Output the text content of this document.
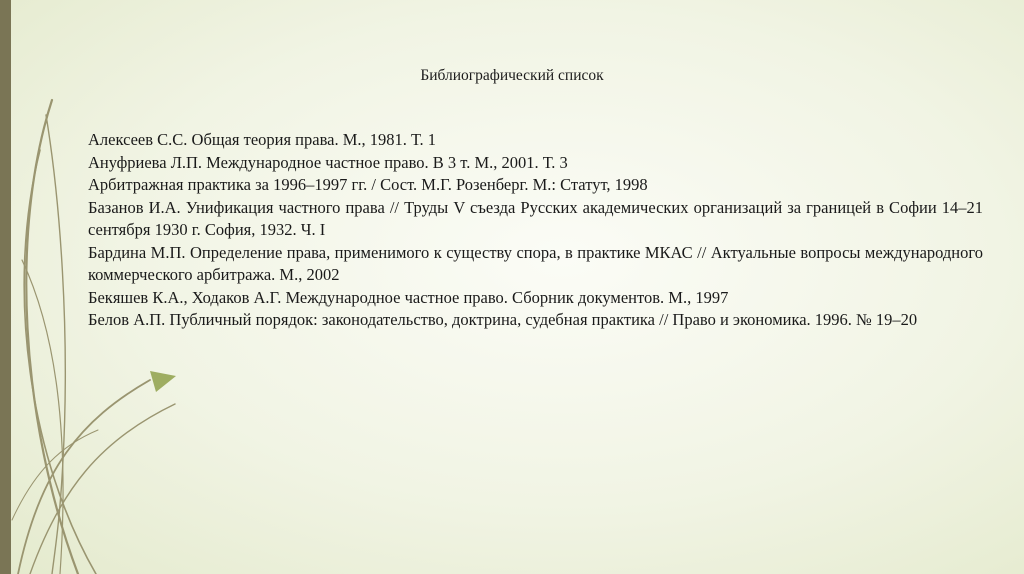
Библиографический список
Алексеев С.С. Общая теория права. М., 1981. Т. 1
Ануфриева Л.П. Международное частное право. В 3 т. М., 2001. Т. 3
Арбитражная практика за 1996–1997 гг. / Сост. М.Г. Розенберг. М.: Статут, 1998
Базанов И.А. Унификация частного права // Труды V съезда Русских академических организаций за границей в Софии 14–21 сентября 1930 г. София, 1932. Ч. I
Бардина М.П. Определение права, применимого к существу спора, в практике МКАС // Актуальные вопросы международного коммерческого арбитража. М., 2002
Бекяшев К.А., Ходаков А.Г. Международное частное право. Сборник документов. М., 1997
Белов А.П. Публичный порядок: законодательство, доктрина, судебная практика // Право и экономика. 1996. № 19–20
